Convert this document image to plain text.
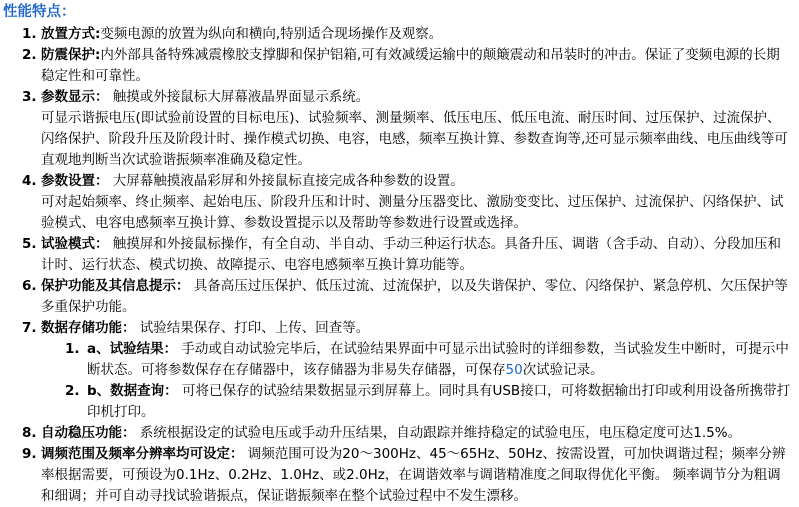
性能特点：

1. 放置方式:变频电源的放置为纵向和横向,特别适合现场操作及观察。

2. 防震保护:内外部具备特殊减震橡胶支撑脚和保护铝箱,可有效减缓运输中的颠簸震动和吊装时的冲击。保证了变频电源的长期稳定性和可靠性。

3. 参数显示： 触摸或外接鼠标大屏幕液晶界面显示系统。

可显示谐振电压(即试验前设置的目标电压)、试验频率、测量频率、低压电压、低压电流、耐压时间、过压保护、过流保护、闪络保护、阶段升压及阶段计时、操作模式切换、电容，电感，频率互换计算、参数查询等,还可显示频率曲线、电压曲线等可直观地判断当次试验谐振频率准确及稳定性。

4. 参数设置： 大屏幕触摸液晶彩屏和外接鼠标直接完成各种参数的设置。

可对起始频率、终止频率、起始电压、阶段升压和计时、测量分压器变比、激励变变比、过压保护、过流保护、闪络保护、试验模式、电容电感频率互换计算、参数设置提示以及帮助等参数进行设置或选择。

5. 试验模式： 触摸屏和外接鼠标操作，有全自动、半自动、手动三种运行状态。具备升压、调谐（含手动、自动）、分段加压和计时、运行状态、模式切换、故障提示、电容电感频率互换计算功能等。

6. 保护功能及其信息提示： 具备高压过压保护、低压过流、过流保护，以及失谐保护、零位、闪络保护、紧急停机、欠压保护等多重保护功能。

7. 数据存储功能： 试验结果保存、打印、上传、回查等。

1. a、试验结果： 手动或自动试验完毕后，在试验结果界面中可显示出试验时的详细参数，当试验发生中断时，可提示中断状态。可将参数保存在存储器中，该存储器为非易失存储器，可保存50次试验记录。

2. b、数据查询： 可将已保存的试验结果数据显示到屏幕上。同时具有USB接口，可将数据输出打印或利用设备所携带打印机打印。

8. 自动稳压功能： 系统根据设定的试验电压或手动升压结果，自动跟踪并维持稳定的试验电压，电压稳定度可达1.5%。

9. 调频范围及频率分辨率均可设定： 调频范围可设为20～300Hz、45～65Hz、50Hz、按需设置，可加快调谐过程；频率分辨率根据需要，可预设为0.1Hz、0.2Hz、1.0Hz、或2.0Hz，在调谐效率与调谐精准度之间取得优化平衡。 频率调节分为粗调和细调；并可自动寻找试验谐振点，保证谐振频率在整个试验过程中不发生漂移。
